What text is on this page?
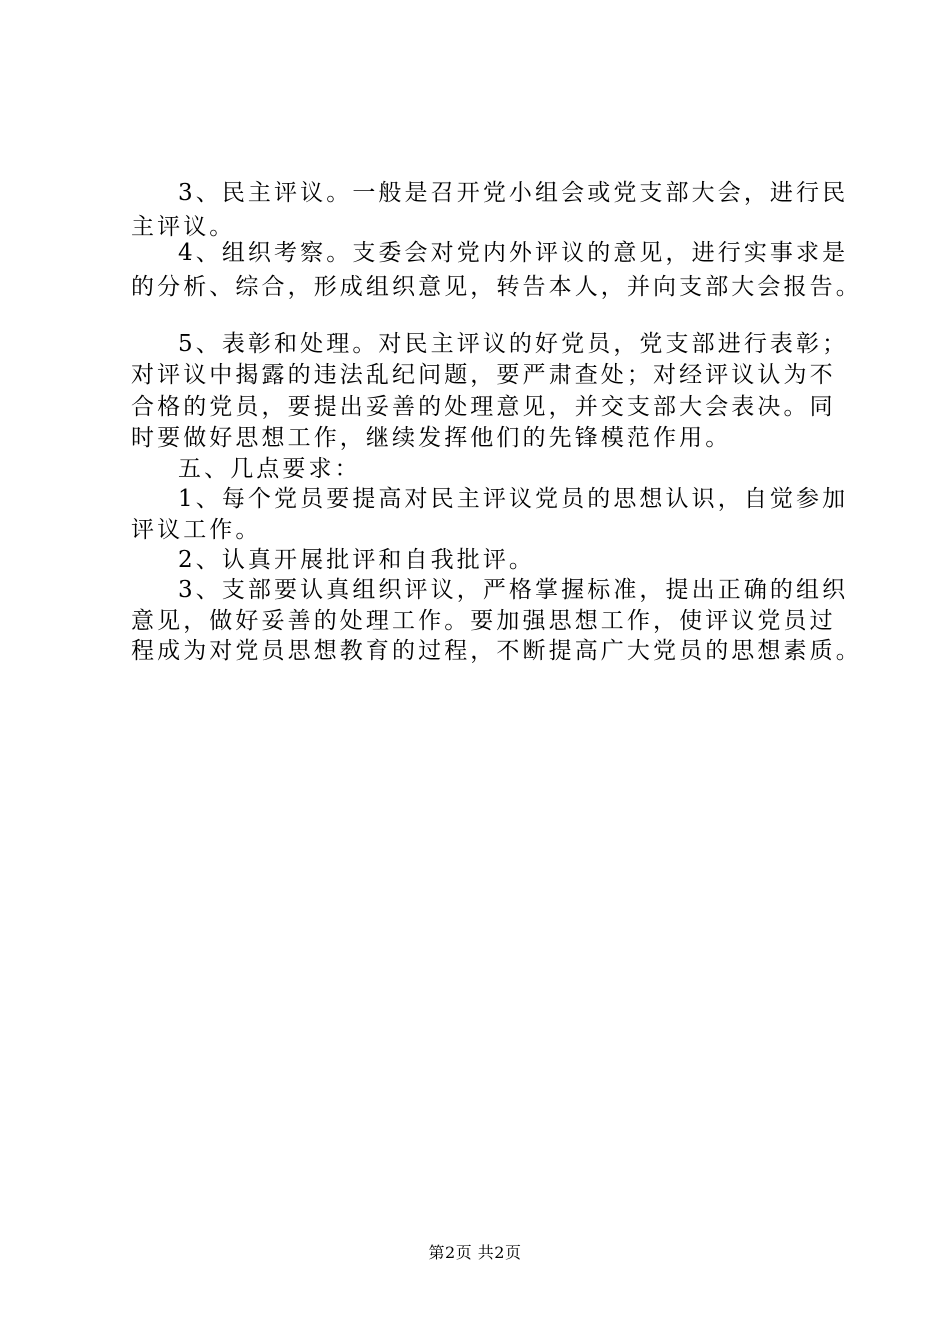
3、民主评议。一般是召开党小组会或党支部大会，进行民
主评议。
4、组织考察。支委会对党内外评议的意见，进行实事求是
的分析、综合，形成组织意见，转告本人，并向支部大会报告。
5、表彰和处理。对民主评议的好党员，党支部进行表彰；
对评议中揭露的违法乱纪问题，要严肃查处；对经评议认为不
合格的党员，要提出妥善的处理意见，并交支部大会表决。同
时要做好思想工作，继续发挥他们的先锋模范作用。
五、几点要求：
1、每个党员要提高对民主评议党员的思想认识，自觉参加
评议工作。
2、认真开展批评和自我批评。
3、支部要认真组织评议，严格掌握标准，提出正确的组织
意见，做好妥善的处理工作。要加强思想工作，使评议党员过
程成为对党员思想教育的过程，不断提高广大党员的思想素质。
第2页 共2页
